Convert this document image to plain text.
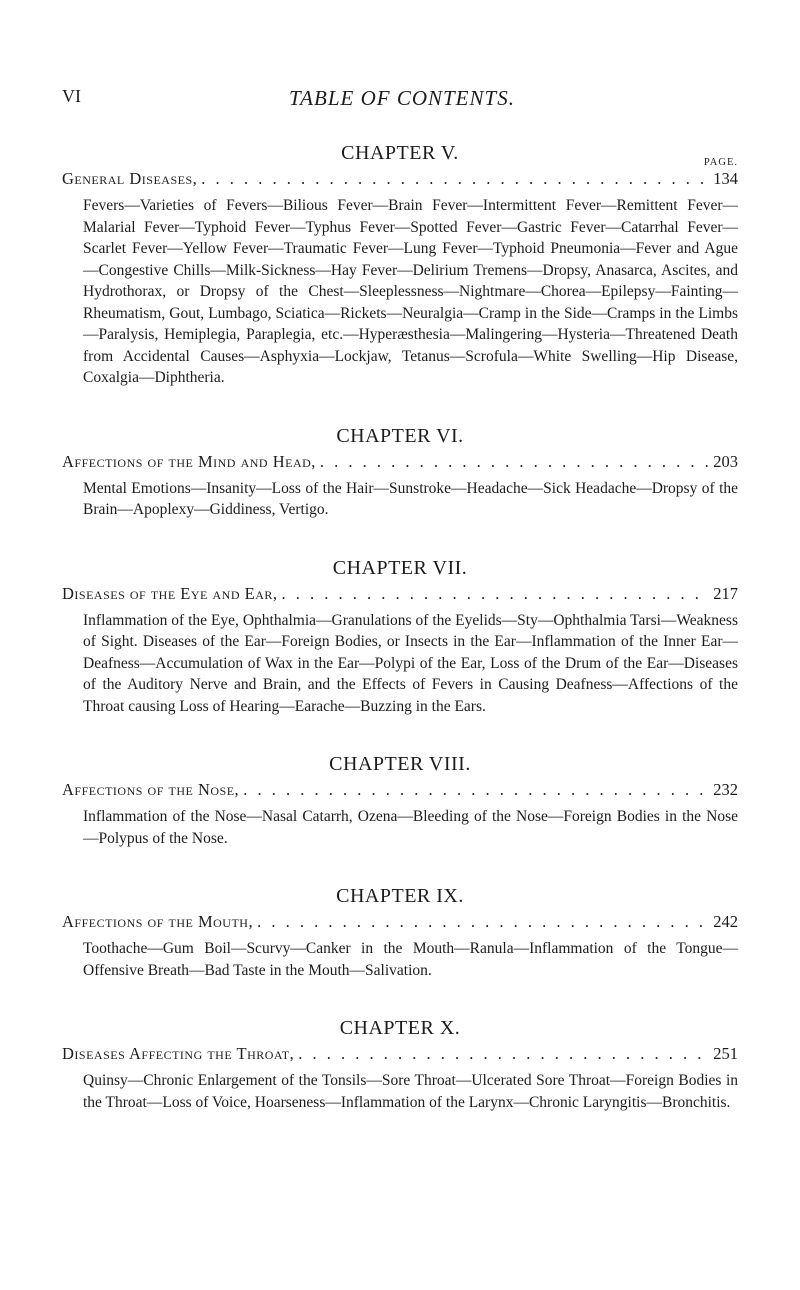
VI	TABLE OF CONTENTS.
CHAPTER V.	PAGE.
General Diseases, . . .	134
Fevers—Varieties of Fevers—Bilious Fever—Brain Fever—Intermittent Fever—Remittent Fever—Malarial Fever—Typhoid Fever—Typhus Fever—Spotted Fever—Gastric Fever—Catarrhal Fever—Scarlet Fever—Yellow Fever—Traumatic Fever—Lung Fever—Typhoid Pneumonia—Fever and Ague—Congestive Chills—Milk-Sickness—Hay Fever—Delirium Tremens—Dropsy, Anasarca, Ascites, and Hydrothorax, or Dropsy of the Chest—Sleeplessness—Nightmare—Chorea—Epilepsy—Fainting—Rheumatism, Gout, Lumbago, Sciatica—Rickets—Neuralgia—Cramp in the Side—Cramps in the Limbs—Paralysis, Hemiplegia, Paraplegia, etc.—Hyperæsthesia—Malingering—Hysteria—Threatened Death from Accidental Causes—Asphyxia—Lockjaw, Tetanus—Scrofula—White Swelling—Hip Disease, Coxalgia—Diphtheria.
CHAPTER VI.
Affections of the Mind and Head, . . .	203
Mental Emotions—Insanity—Loss of the Hair—Sunstroke—Headache—Sick Headache—Dropsy of the Brain—Apoplexy—Giddiness, Vertigo.
CHAPTER VII.
Diseases of the Eye and Ear, . . .	217
Inflammation of the Eye, Ophthalmia—Granulations of the Eyelids—Sty—Ophthalmia Tarsi—Weakness of Sight. Diseases of the Ear—Foreign Bodies, or Insects in the Ear—Inflammation of the Inner Ear—Deafness—Accumulation of Wax in the Ear—Polypi of the Ear, Loss of the Drum of the Ear—Diseases of the Auditory Nerve and Brain, and the Effects of Fevers in Causing Deafness—Affections of the Throat causing Loss of Hearing—Earache—Buzzing in the Ears.
CHAPTER VIII.
Affections of the Nose, . . .	232
Inflammation of the Nose—Nasal Catarrh, Ozena—Bleeding of the Nose—Foreign Bodies in the Nose—Polypus of the Nose.
CHAPTER IX.
Affections of the Mouth, . . .	242
Toothache—Gum Boil—Scurvy—Canker in the Mouth—Ranula—Inflammation of the Tongue—Offensive Breath—Bad Taste in the Mouth—Salivation.
CHAPTER X.
Diseases Affecting the Throat, . . .	251
Quinsy—Chronic Enlargement of the Tonsils—Sore Throat—Ulcerated Sore Throat—Foreign Bodies in the Throat—Loss of Voice, Hoarseness—Inflammation of the Larynx—Chronic Laryngitis—Bronchitis.
